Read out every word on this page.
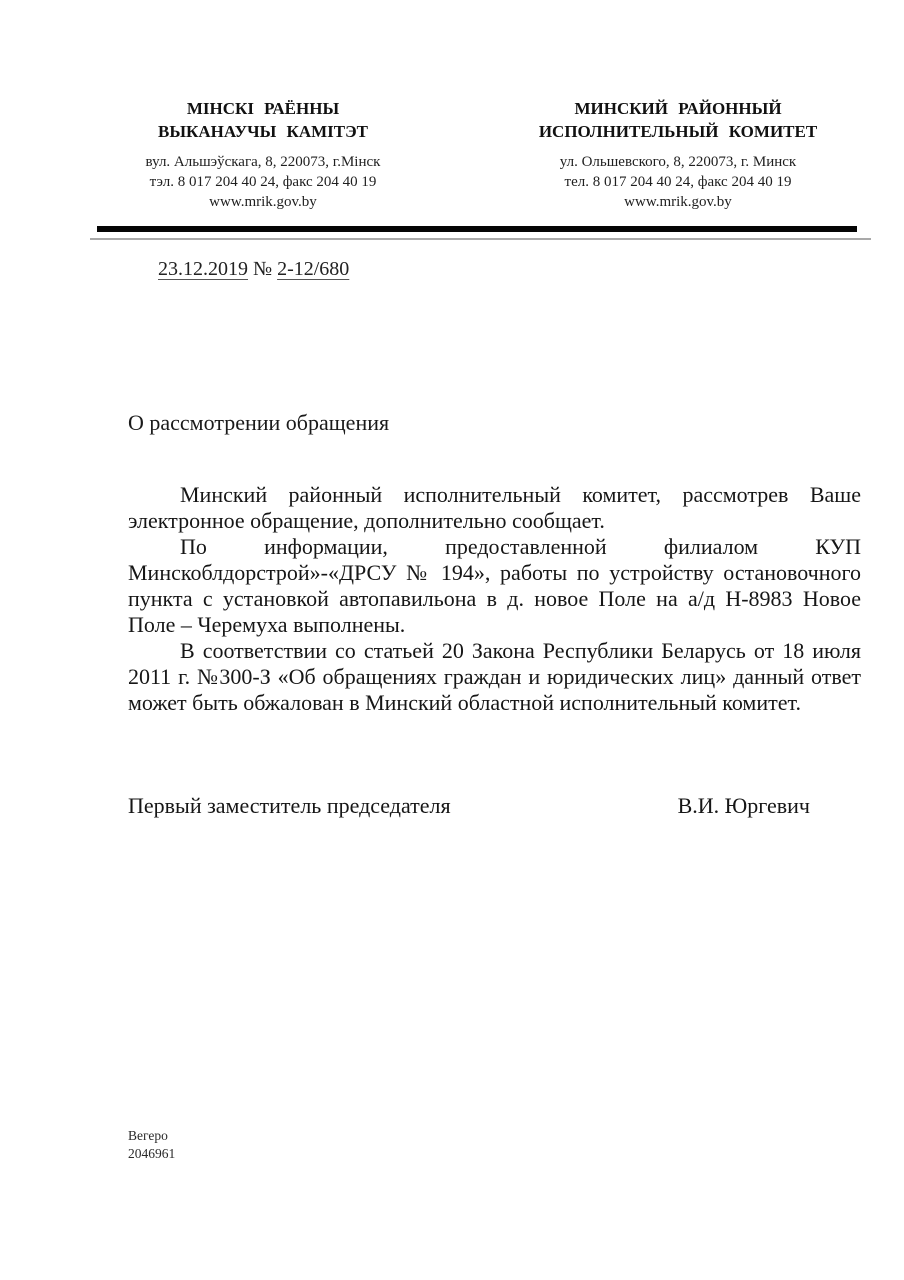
МІНСКІ РАЁННЫ
ВЫКАНАУЧЫ КАМІТЭТ
вул. Альшэўскага, 8, 220073, г.Мінск
тэл. 8 017 204 40 24, факс 204 40 19
www.mrik.gov.by
МИНСКИЙ РАЙОННЫЙ
ИСПОЛНИТЕЛЬНЫЙ КОМИТЕТ
ул. Ольшевского, 8, 220073, г. Минск
тел. 8 017 204 40 24, факс 204 40 19
www.mrik.gov.by
23.12.2019 № 2-12/680
О рассмотрении обращения

Минский районный исполнительный комитет, рассмотрев Ваше электронное обращение, дополнительно сообщает.

По информации, предоставленной филиалом КУП Минскоблдорстрой»-«ДРСУ № 194», работы по устройству остановочного пункта с установкой автопавильона в д. новое Поле на а/д Н-8983 Новое Поле – Черемуха выполнены.

В соответствии со статьей 20 Закона Республики Беларусь от 18 июля 2011 г. №300-З «Об обращениях граждан и юридических лиц» данный ответ может быть обжалован в Минский областной исполнительный комитет.

Первый заместитель председателя	В.И. Юргевич
Вегеро
2046961
